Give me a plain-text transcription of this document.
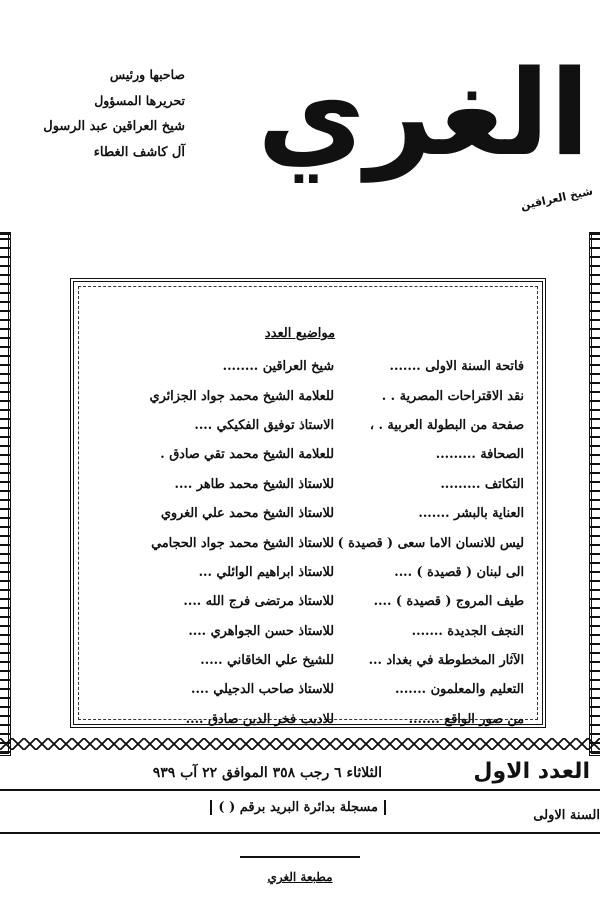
الغري
شيخ العراقين
صاحبها ورئيس
تحريرها المسؤول
شيخ العراقين عبد الرسول
آل كاشف الغطاء
مواضيع العدد
فاتحة السنة الاولى .......
شيخ العراقين ........
نقد الاقتراحات المصرية . .
للعلامة الشيخ محمد جواد الجزائري
صفحة من البطولة العربية . ،
الاستاذ توفيق الفكيكي ....
الصحافة .........
للعلامة الشيخ محمد تقي صادق .
التكاتف .........
للاستاذ الشيخ محمد طاهر ....
العناية بالبشر .......
للاستاذ الشيخ محمد علي الغروي
ليس للانسان الاما سعى ( قصيدة )
للاستاذ الشيخ محمد جواد الحجامي
الى لبنان ( قصيدة ) ....
للاستاذ ابراهيم الوائلي ...
طيف المروج ( قصيدة ) ....
للاستاذ مرتضى فرج الله ....
النجف الجديدة .......
للاستاذ حسن الجواهري ....
الآثار المخطوطة في بغداد ...
للشيخ علي الخاقاني .....
التعليم والمعلمون .......
للاستاذ صاحب الدجيلي ....
من صور الواقع .......
للاديب فخر الدين صادق ....
العدد الاول
الثلاثاء ٦ رجب ٣٥٨ الموافق ٢٢ آب ٩٣٩
السنة الاولى
مسجلة بدائرة البريد برقم ( )
مطبعة الغري
